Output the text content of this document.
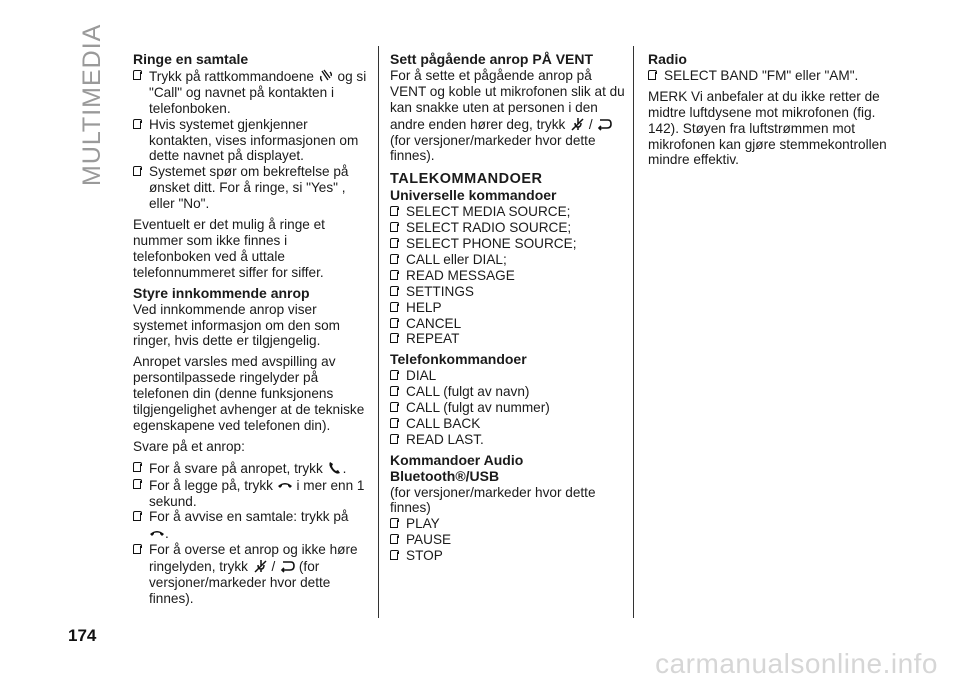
MULTIMEDIA
174

Ringe en samtale

Trykk på rattkommandoene og si "Call" og navnet på kontakten i telefonboken.
Hvis systemet gjenkjenner kontakten, vises informasjonen om dette navnet på displayet.
Systemet spør om bekreftelse på ønsket ditt. For å ringe, si "Yes" , eller "No".

Eventuelt er det mulig å ringe et nummer som ikke finnes i telefonboken ved å uttale telefonnummeret siffer for siffer.

Styre innkommende anrop

Ved innkommende anrop viser systemet informasjon om den som ringer, hvis dette er tilgjengelig.

Anropet varsles med avspilling av persontilpassede ringelyder på telefonen din (denne funksjonens tilgjengelighet avhenger at de tekniske egenskapene ved telefonen din).

Svare på et anrop:

For å svare på anropet, trykk .
For å legge på, trykk i mer enn 1 sekund.
For å avvise en samtale: trykk på .
For å overse et anrop og ikke høre ringelyden, trykk / (for versjoner/markeder hvor dette finnes).

Sett pågående anrop PÅ VENT

For å sette et pågående anrop på VENT og koble ut mikrofonen slik at du kan snakke uten at personen i den andre enden hører deg, trykk /  (for versjoner/markeder hvor dette finnes).

TALEKOMMANDOER

Universelle kommandoer

SELECT MEDIA SOURCE;
SELECT RADIO SOURCE;
SELECT PHONE SOURCE;
CALL eller DIAL;
READ MESSAGE
SETTINGS
HELP
CANCEL
REPEAT

Telefonkommandoer

DIAL
CALL (fulgt av navn)
CALL (fulgt av nummer)
CALL BACK
READ LAST.

Kommandoer Audio Bluetooth®/USB

(for versjoner/markeder hvor dette finnes)

PLAY
PAUSE
STOP

Radio

SELECT BAND "FM" eller "AM".

MERK Vi anbefaler at du ikke retter de midtre luftdysene mot mikrofonen (fig. 142). Støyen fra luftstrømmen mot mikrofonen kan gjøre stemmekontrollen mindre effektiv.

carmanualsonline.info
